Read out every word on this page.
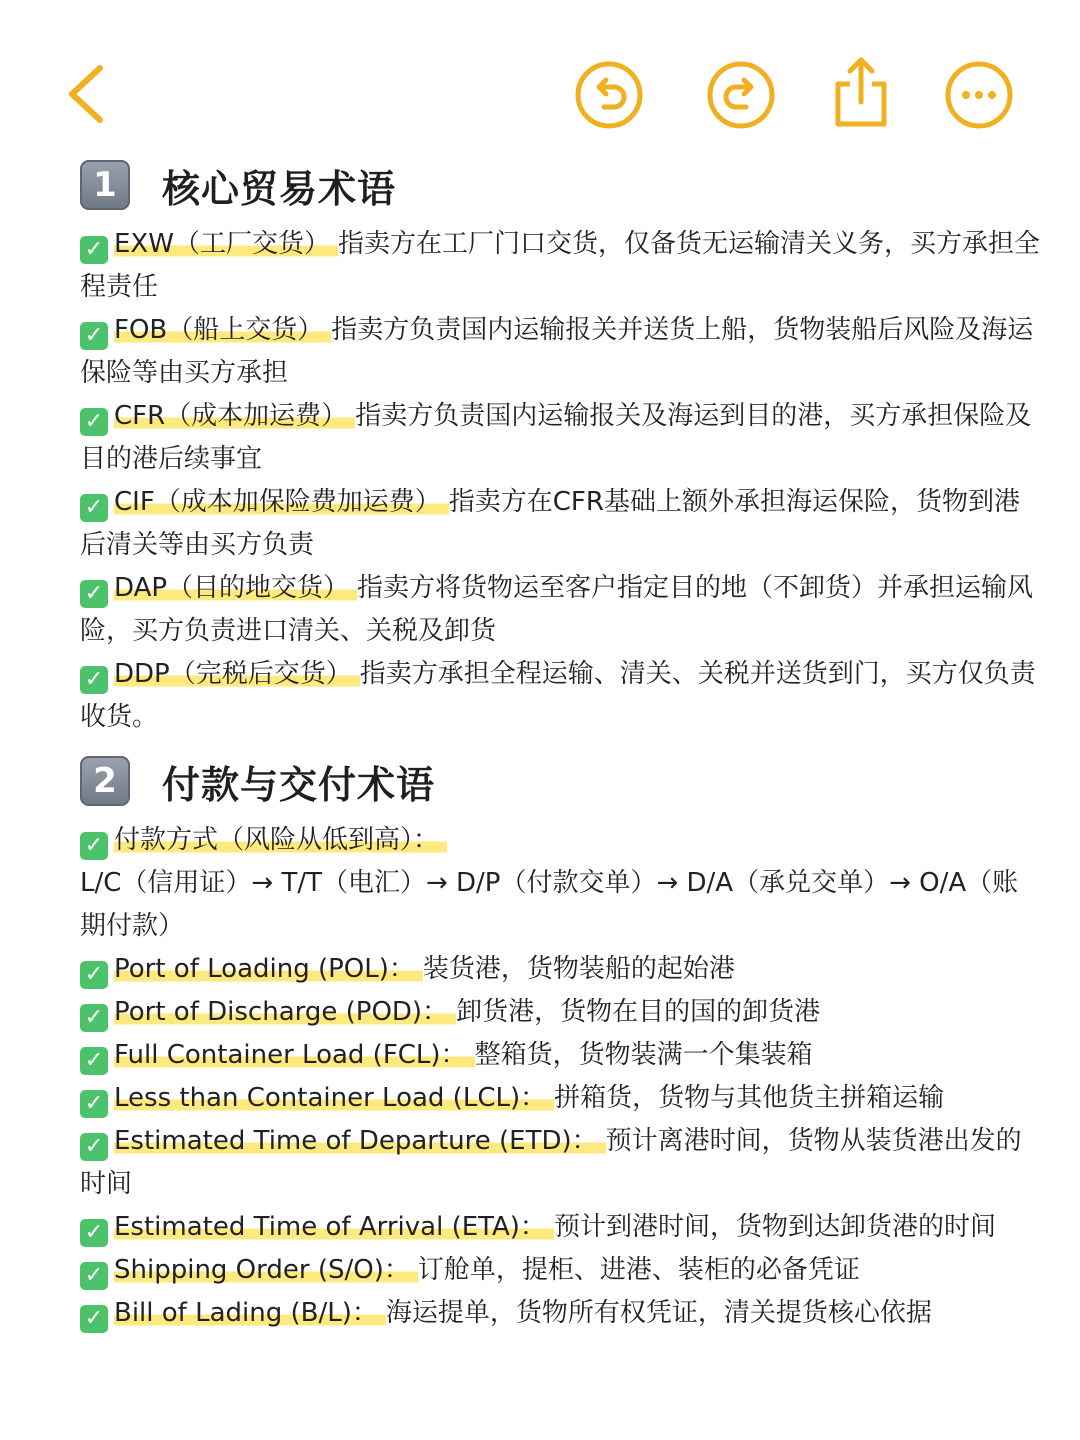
1	核心贸易术语

✓ EXW（工厂交货） 指卖方在工厂门口交货，仅备货无运输清关义务，买方承担全程责任

✓ FOB（船上交货） 指卖方负责国内运输报关并送货上船，货物装船后风险及海运保险等由买方承担

✓ CFR（成本加运费） 指卖方负责国内运输报关及海运到目的港，买方承担保险及目的港后续事宜

✓ CIF（成本加保险费加运费） 指卖方在CFR基础上额外承担海运保险，货物到港后清关等由买方负责

✓ DAP（目的地交货） 指卖方将货物运至客户指定目的地（不卸货）并承担运输风险，买方负责进口清关、关税及卸货

✓ DDP（完税后交货） 指卖方承担全程运输、清关、关税并送货到门，买方仅负责收货。

2	付款与交付术语

✓ 付款方式（风险从低到高）：

L/C（信用证）→ T/T（电汇）→ D/P（付款交单）→ D/A（承兑交单）→ O/A（账期付款）

✓ Port of Loading (POL)： 装货港，货物装船的起始港

✓ Port of Discharge (POD)： 卸货港，货物在目的国的卸货港

✓ Full Container Load (FCL)： 整箱货，货物装满一个集装箱

✓ Less than Container Load (LCL)： 拼箱货，货物与其他货主拼箱运输

✓ Estimated Time of Departure (ETD)： 预计离港时间，货物从装货港出发的时间

✓ Estimated Time of Arrival (ETA)： 预计到港时间，货物到达卸货港的时间

✓ Shipping Order (S/O)： 订舱单，提柜、进港、装柜的必备凭证

✓ Bill of Lading (B/L)： 海运提单，货物所有权凭证，清关提货核心依据
